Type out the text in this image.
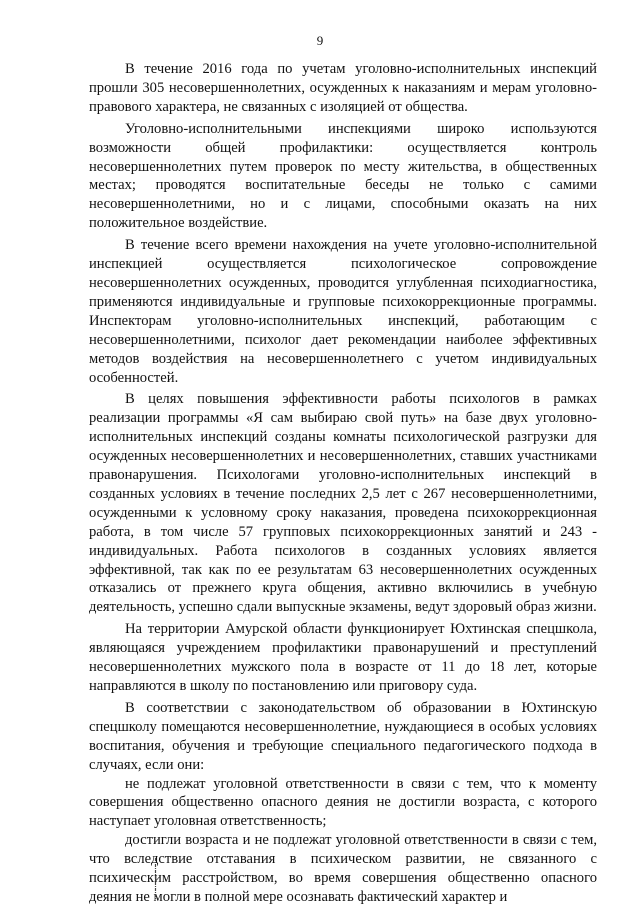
9

В течение 2016 года по учетам уголовно-исполнительных инспекций прошли 305 несовершеннолетних, осужденных к наказаниям и мерам уголовно-правового характера, не связанных с изоляцией от общества.

Уголовно-исполнительными инспекциями широко используются возможности общей профилактики: осуществляется контроль несовершеннолетних путем проверок по месту жительства, в общественных местах; проводятся воспитательные беседы не только с самими несовершеннолетними, но и с лицами, способными оказать на них положительное воздействие.

В течение всего времени нахождения на учете уголовно-исполнительной инспекцией осуществляется психологическое сопровождение несовершеннолетних осужденных, проводится углубленная психодиагностика, применяются индивидуальные и групповые психокоррекционные программы. Инспекторам уголовно-исполнительных инспекций, работающим с несовершеннолетними, психолог дает рекомендации наиболее эффективных методов воздействия на несовершеннолетнего с учетом индивидуальных особенностей.

В целях повышения эффективности работы психологов в рамках реализации программы «Я сам выбираю свой путь» на базе двух уголовно-исполнительных инспекций созданы комнаты психологической разгрузки для осужденных несовершеннолетних и несовершеннолетних, ставших участниками правонарушения. Психологами уголовно-исполнительных инспекций в созданных условиях в течение последних 2,5 лет с 267 несовершеннолетними, осужденными к условному сроку наказания, проведена психокоррекционная работа, в том числе 57 групповых психокоррекционных занятий и 243 - индивидуальных. Работа психологов в созданных условиях является эффективной, так как по ее результатам 63 несовершеннолетних осужденных отказались от прежнего круга общения, активно включились в учебную деятельность, успешно сдали выпускные экзамены, ведут здоровый образ жизни.

На территории Амурской области функционирует Юхтинская спецшкола, являющаяся учреждением профилактики правонарушений и преступлений несовершеннолетних мужского пола в возрасте от 11 до 18 лет, которые направляются в школу по постановлению или приговору суда.

В соответствии с законодательством об образовании в Юхтинскую спецшколу помещаются несовершеннолетние, нуждающиеся в особых условиях воспитания, обучения и требующие специального педагогического подхода в случаях, если они:

не подлежат уголовной ответственности в связи с тем, что к моменту совершения общественно опасного деяния не достигли возраста, с которого наступает уголовная ответственность;

достигли возраста и не подлежат уголовной ответственности в связи с тем, что вследствие отставания в психическом развитии, не связанного с психическим расстройством, во время совершения общественно опасного деяния не могли в полной мере осознавать фактический характер и
